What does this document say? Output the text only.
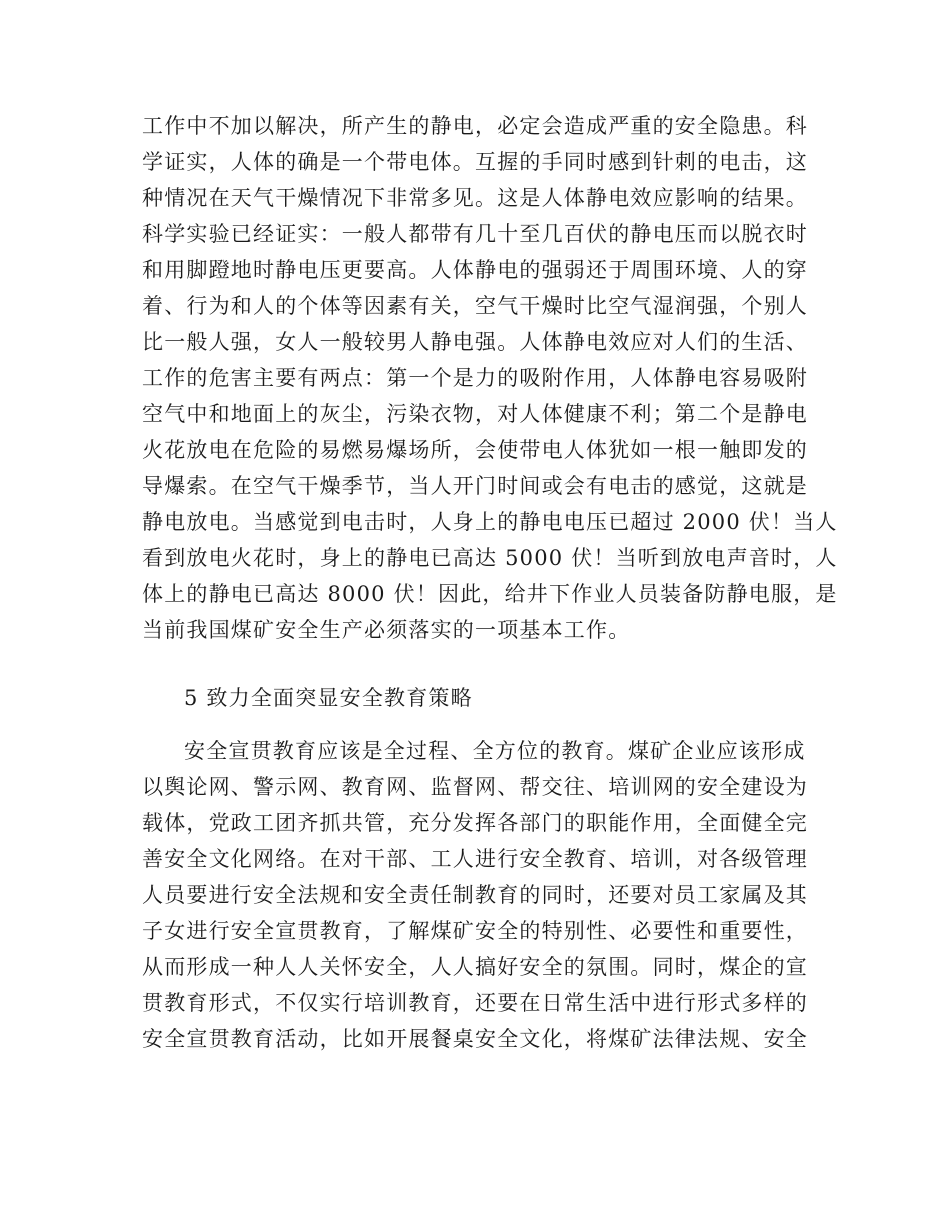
工作中不加以解决，所产生的静电，必定会造成严重的安全隐患。科
学证实，人体的确是一个带电体。互握的手同时感到针刺的电击，这
种情况在天气干燥情况下非常多见。这是人体静电效应影响的结果。
科学实验已经证实：一般人都带有几十至几百伏的静电压而以脱衣时
和用脚蹬地时静电压更要高。人体静电的强弱还于周围环境、人的穿
着、行为和人的个体等因素有关，空气干燥时比空气湿润强，个别人
比一般人强，女人一般较男人静电强。人体静电效应对人们的生活、
工作的危害主要有两点：第一个是力的吸附作用，人体静电容易吸附
空气中和地面上的灰尘，污染衣物，对人体健康不利；第二个是静电
火花放电在危险的易燃易爆场所，会使带电人体犹如一根一触即发的
导爆索。在空气干燥季节，当人开门时间或会有电击的感觉，这就是
静电放电。当感觉到电击时，人身上的静电电压已超过 2000 伏！当人
看到放电火花时，身上的静电已高达 5000 伏！当听到放电声音时，人
体上的静电已高达 8000 伏！因此，给井下作业人员装备防静电服，是
当前我国煤矿安全生产必须落实的一项基本工作。
5 致力全面突显安全教育策略
安全宣贯教育应该是全过程、全方位的教育。煤矿企业应该形成
以舆论网、警示网、教育网、监督网、帮交往、培训网的安全建设为
载体，党政工团齐抓共管，充分发挥各部门的职能作用，全面健全完
善安全文化网络。在对干部、工人进行安全教育、培训，对各级管理
人员要进行安全法规和安全责任制教育的同时，还要对员工家属及其
子女进行安全宣贯教育，了解煤矿安全的特别性、必要性和重要性，
从而形成一种人人关怀安全，人人搞好安全的氛围。同时，煤企的宣
贯教育形式，不仅实行培训教育，还要在日常生活中进行形式多样的
安全宣贯教育活动，比如开展餐桌安全文化，将煤矿法律法规、安全
